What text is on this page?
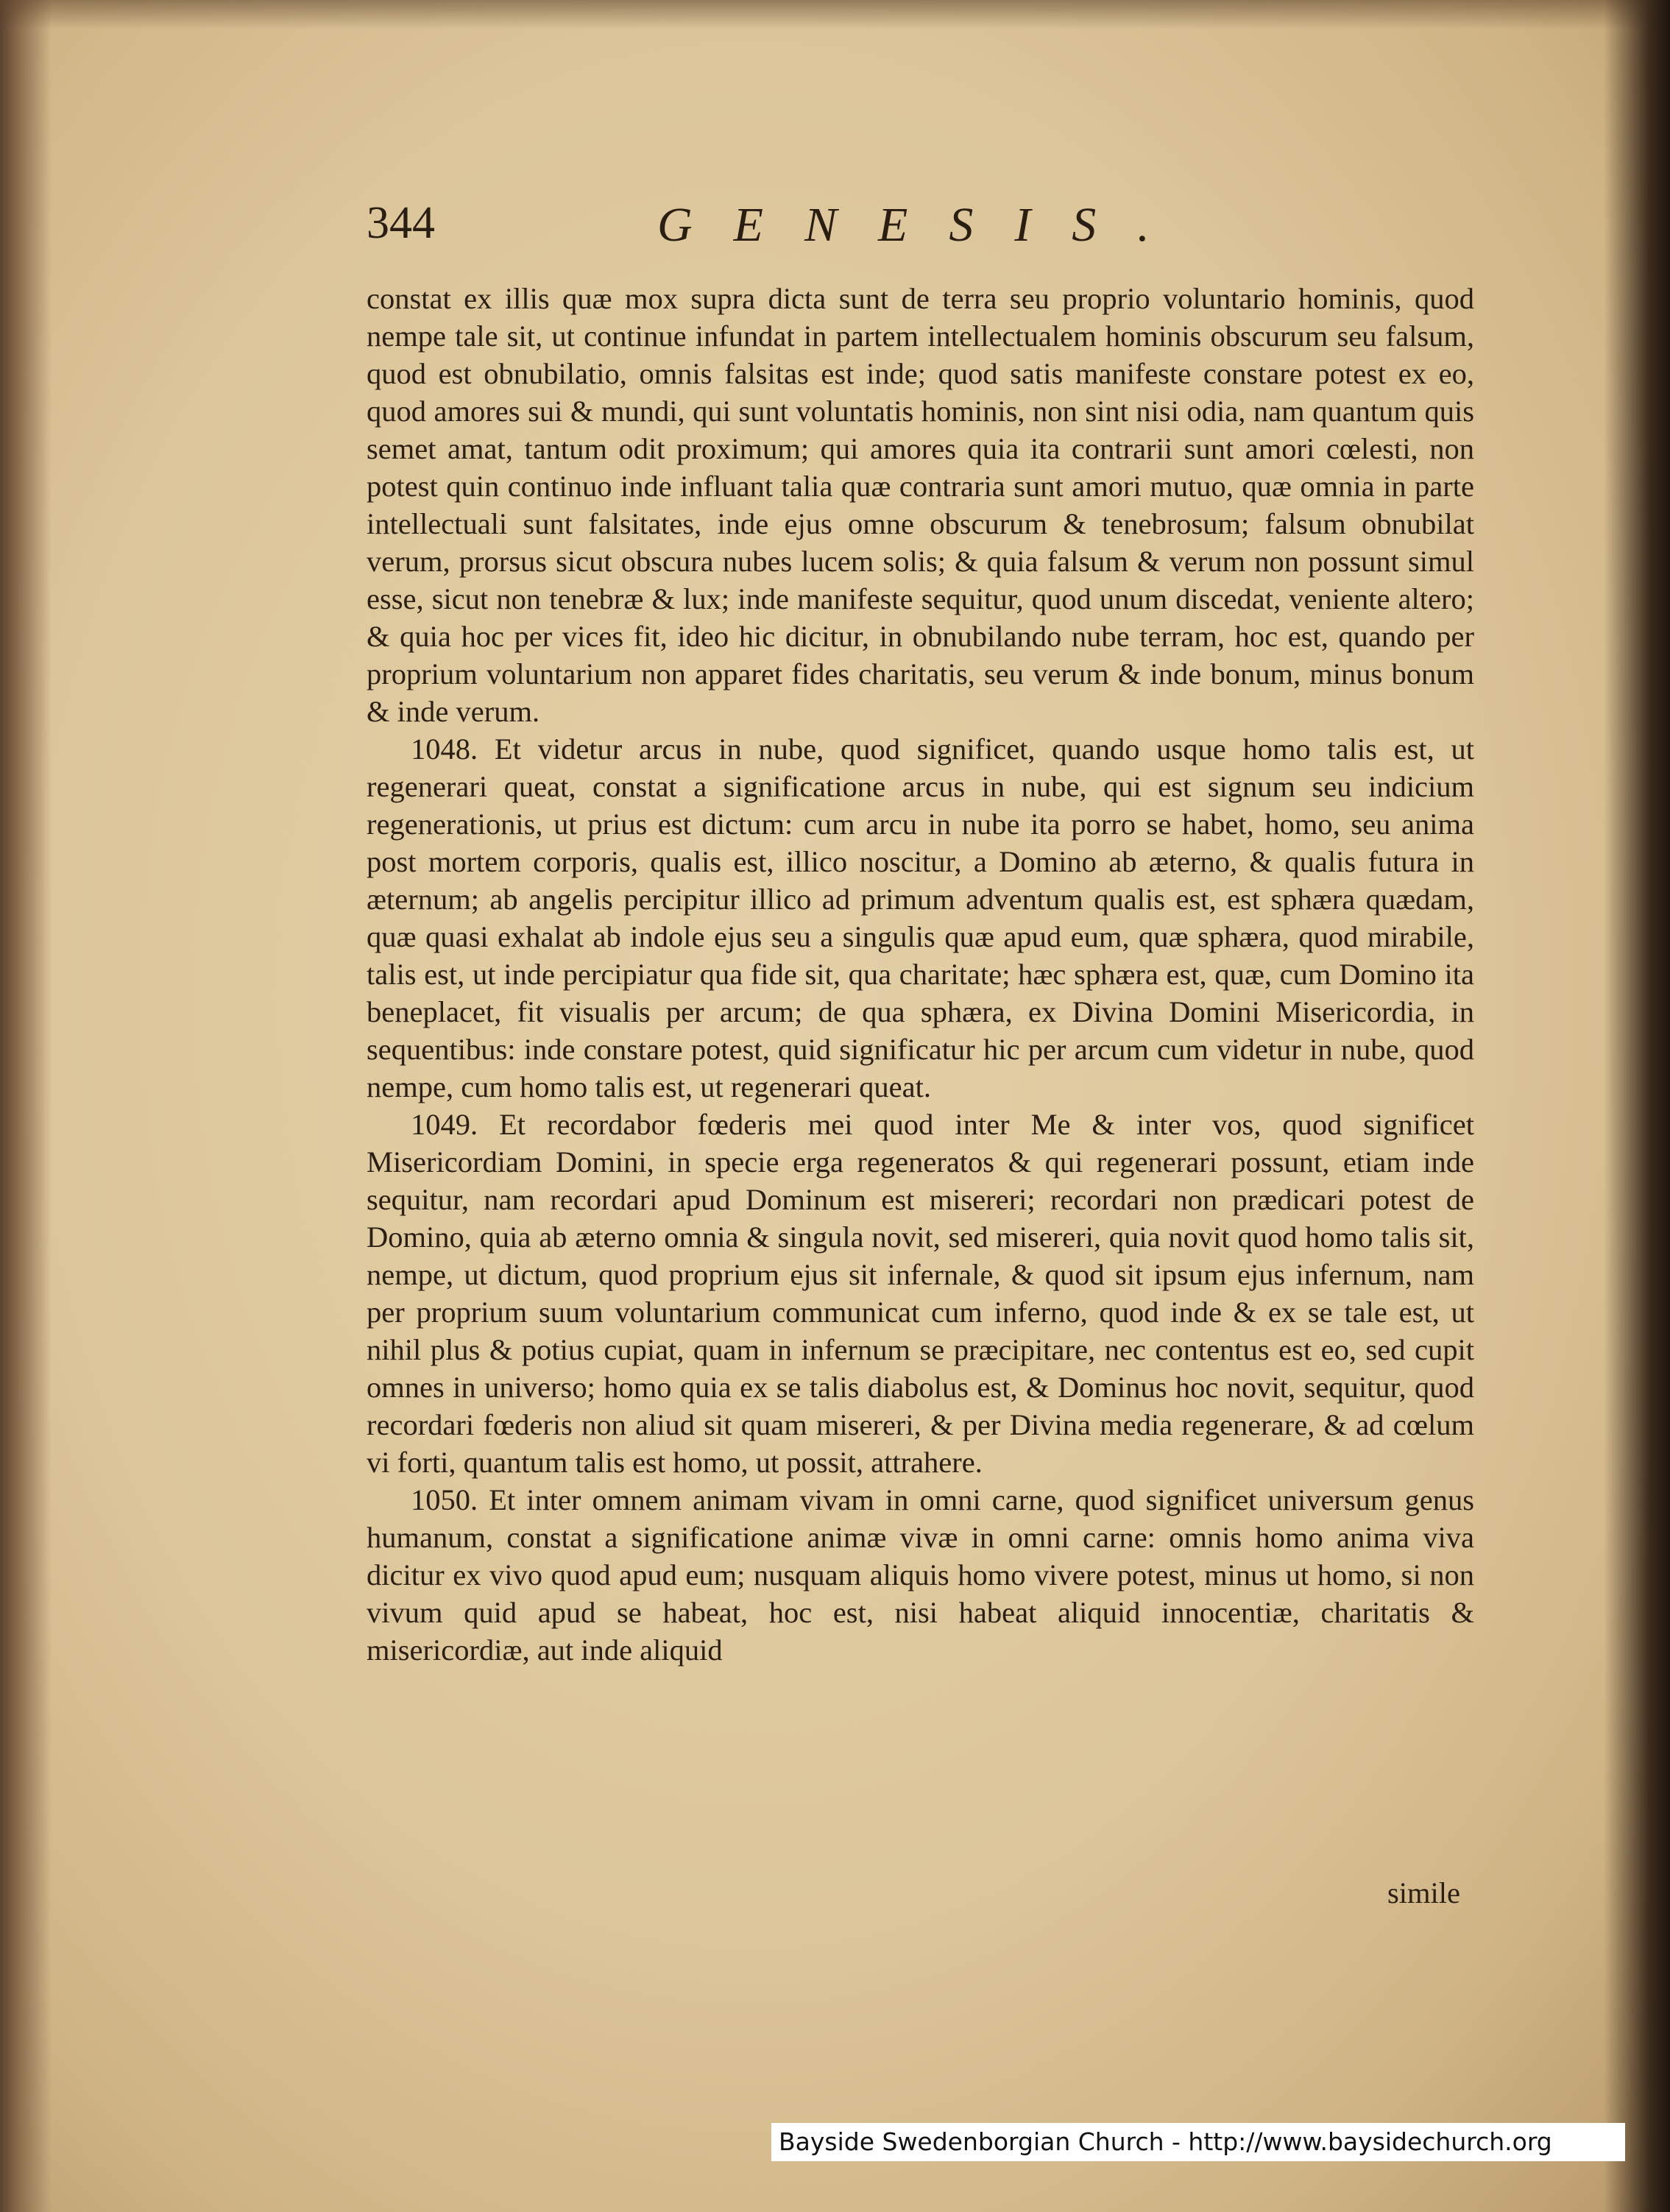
344	GENESIS.

constat ex illis quæ mox supra dicta sunt de terra seu proprio voluntario hominis, quod nempe tale sit, ut continue infundat in partem intellectualem hominis obscurum seu falsum, quod est obnubilatio, omnis falsitas est inde; quod satis manifeste constare potest ex eo, quod amores sui & mundi, qui sunt voluntatis hominis, non sint nisi odia, nam quantum quis semet amat, tantum odit proximum; qui amores quia ita contrarii sunt amori cœlesti, non potest quin continuo inde influant talia quæ contraria sunt amori mutuo, quæ omnia in parte intellectuali sunt falsitates, inde ejus omne obscurum & tenebrosum; falsum obnubilat verum, prorsus sicut obscura nubes lucem solis; & quia falsum & verum non possunt simul esse, sicut non tenebræ & lux; inde manifeste sequitur, quod unum discedat, veniente altero; & quia hoc per vices fit, ideo hic dicitur, in obnubilando nube terram, hoc est, quando per proprium voluntarium non apparet fides charitatis, seu verum & inde bonum, minus bonum & inde verum.

1048. Et videtur arcus in nube, quod significet, quando usque homo talis est, ut regenerari queat, constat a significatione arcus in nube, qui est signum seu indicium regenerationis, ut prius est dictum: cum arcu in nube ita porro se habet, homo, seu anima post mortem corporis, qualis est, illico noscitur, a Domino ab æterno, & qualis futura in æternum; ab angelis percipitur illico ad primum adventum qualis est, est sphæra quædam, quæ quasi exhalat ab indole ejus seu a singulis quæ apud eum, quæ sphæra, quod mirabile, talis est, ut inde percipiatur qua fide sit, qua charitate; hæc sphæra est, quæ, cum Domino ita beneplacet, fit visualis per arcum; de qua sphæra, ex Divina Domini Misericordia, in sequentibus: inde constare potest, quid significatur hic per arcum cum videtur in nube, quod nempe, cum homo talis est, ut regenerari queat.

1049. Et recordabor fœderis mei quod inter Me & inter vos, quod significet Misericordiam Domini, in specie erga regeneratos & qui regenerari possunt, etiam inde sequitur, nam recordari apud Dominum est misereri; recordari non prædicari potest de Domino, quia ab æterno omnia & singula novit, sed misereri, quia novit quod homo talis sit, nempe, ut dictum, quod proprium ejus sit infernale, & quod sit ipsum ejus infernum, nam per proprium suum voluntarium communicat cum inferno, quod inde & ex se tale est, ut nihil plus & potius cupiat, quam in infernum se præcipitare, nec contentus est eo, sed cupit omnes in universo; homo quia ex se talis diabolus est, & Dominus hoc novit, sequitur, quod recordari fœderis non aliud sit quam misereri, & per Divina media regenerare, & ad cœlum vi forti, quantum talis est homo, ut possit, attrahere.

1050. Et inter omnem animam vivam in omni carne, quod significet universum genus humanum, constat a significatione animæ vivæ in omni carne: omnis homo anima viva dicitur ex vivo quod apud eum; nusquam aliquis homo vivere potest, minus ut homo, si non vivum quid apud se habeat, hoc est, nisi habeat aliquid innocentiæ, charitatis & misericordiæ, aut inde aliquid

simile
Bayside Swedenborgian Church - http://www.baysidechurch.org
